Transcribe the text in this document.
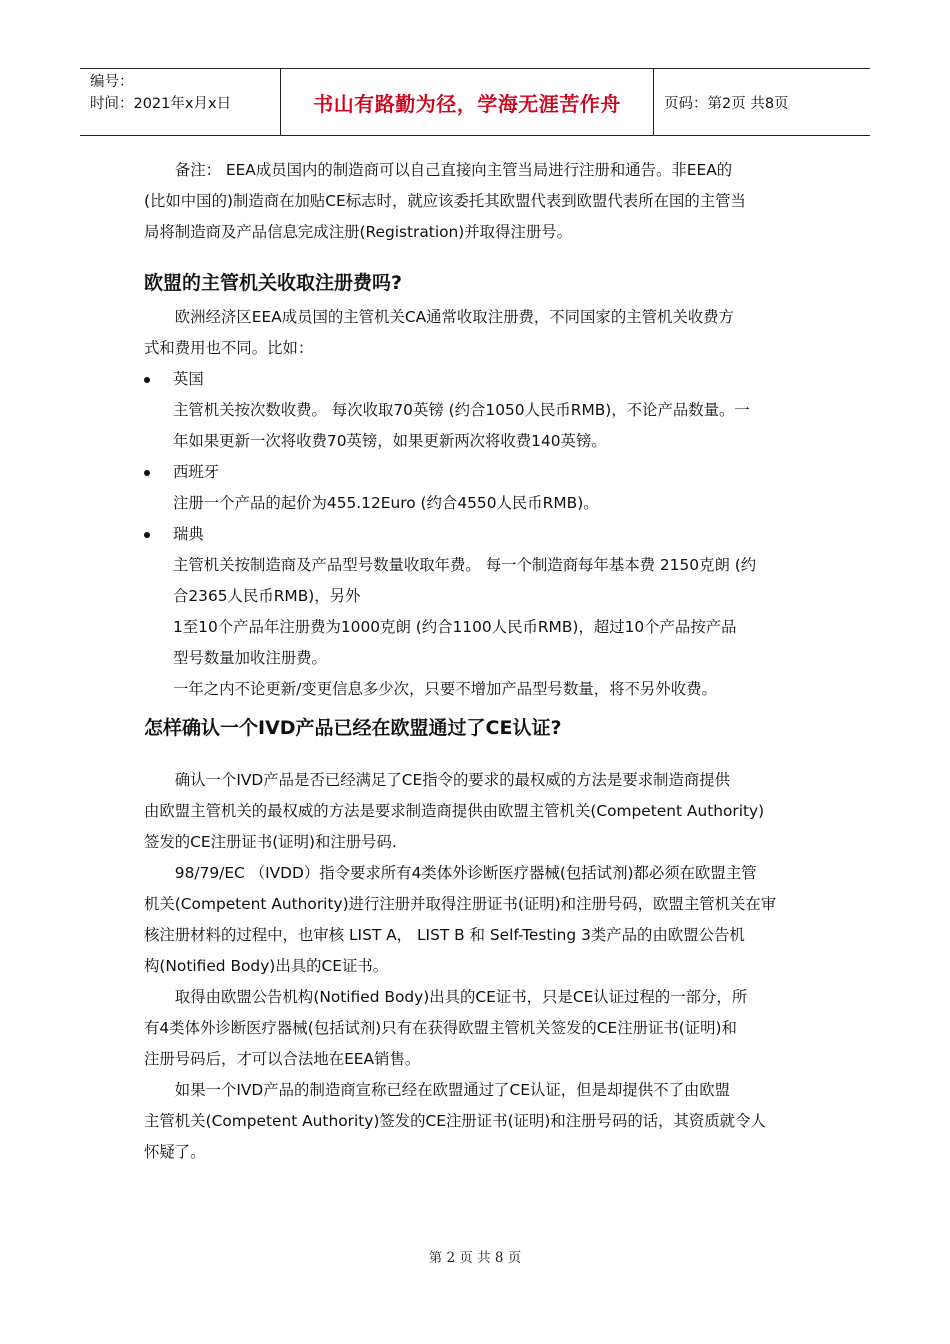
编号：
时间：2021年x月x日	书山有路勤为径，学海无涯苦作舟	页码：第2页 共8页

备注： EEA成员国内的制造商可以自己直接向主管当局进行注册和通告。非EEA的

(比如中国的)制造商在加贴CE标志时，就应该委托其欧盟代表到欧盟代表所在国的主管当

局将制造商及产品信息完成注册(Registration)并取得注册号。

欧盟的主管机关收取注册费吗?

欧洲经济区EEA成员国的主管机关CA通常收取注册费，不同国家的主管机关收费方

式和费用也不同。比如：

英国

主管机关按次数收费。 每次收取70英镑 (约合1050人民币RMB)，不论产品数量。一

年如果更新一次将收费70英镑，如果更新两次将收费140英镑。

西班牙

注册一个产品的起价为455.12Euro (约合4550人民币RMB)。

瑞典

主管机关按制造商及产品型号数量收取年费。 每一个制造商每年基本费 2150克朗 (约

合2365人民币RMB)，另外

1至10个产品年注册费为1000克朗 (约合1100人民币RMB)，超过10个产品按产品

型号数量加收注册费。

一年之内不论更新/变更信息多少次，只要不增加产品型号数量，将不另外收费。

怎样确认一个IVD产品已经在欧盟通过了CE认证?

确认一个IVD产品是否已经满足了CE指令的要求的最权威的方法是要求制造商提供

由欧盟主管机关的最权威的方法是要求制造商提供由欧盟主管机关(Competent Authority)

签发的CE注册证书(证明)和注册号码.

98/79/EC （IVDD）指令要求所有4类体外诊断医疗器械(包括试剂)都必须在欧盟主管

机关(Competent Authority)进行注册并取得注册证书(证明)和注册号码，欧盟主管机关在审

核注册材料的过程中，也审核 LIST A， LIST B 和 Self-Testing 3类产品的由欧盟公告机

构(Notified Body)出具的CE证书。

取得由欧盟公告机构(Notified Body)出具的CE证书，只是CE认证过程的一部分，所

有4类体外诊断医疗器械(包括试剂)只有在获得欧盟主管机关签发的CE注册证书(证明)和

注册号码后，才可以合法地在EEA销售。

如果一个IVD产品的制造商宣称已经在欧盟通过了CE认证，但是却提供不了由欧盟

主管机关(Competent Authority)签发的CE注册证书(证明)和注册号码的话，其资质就令人

怀疑了。

第 2 页 共 8 页
